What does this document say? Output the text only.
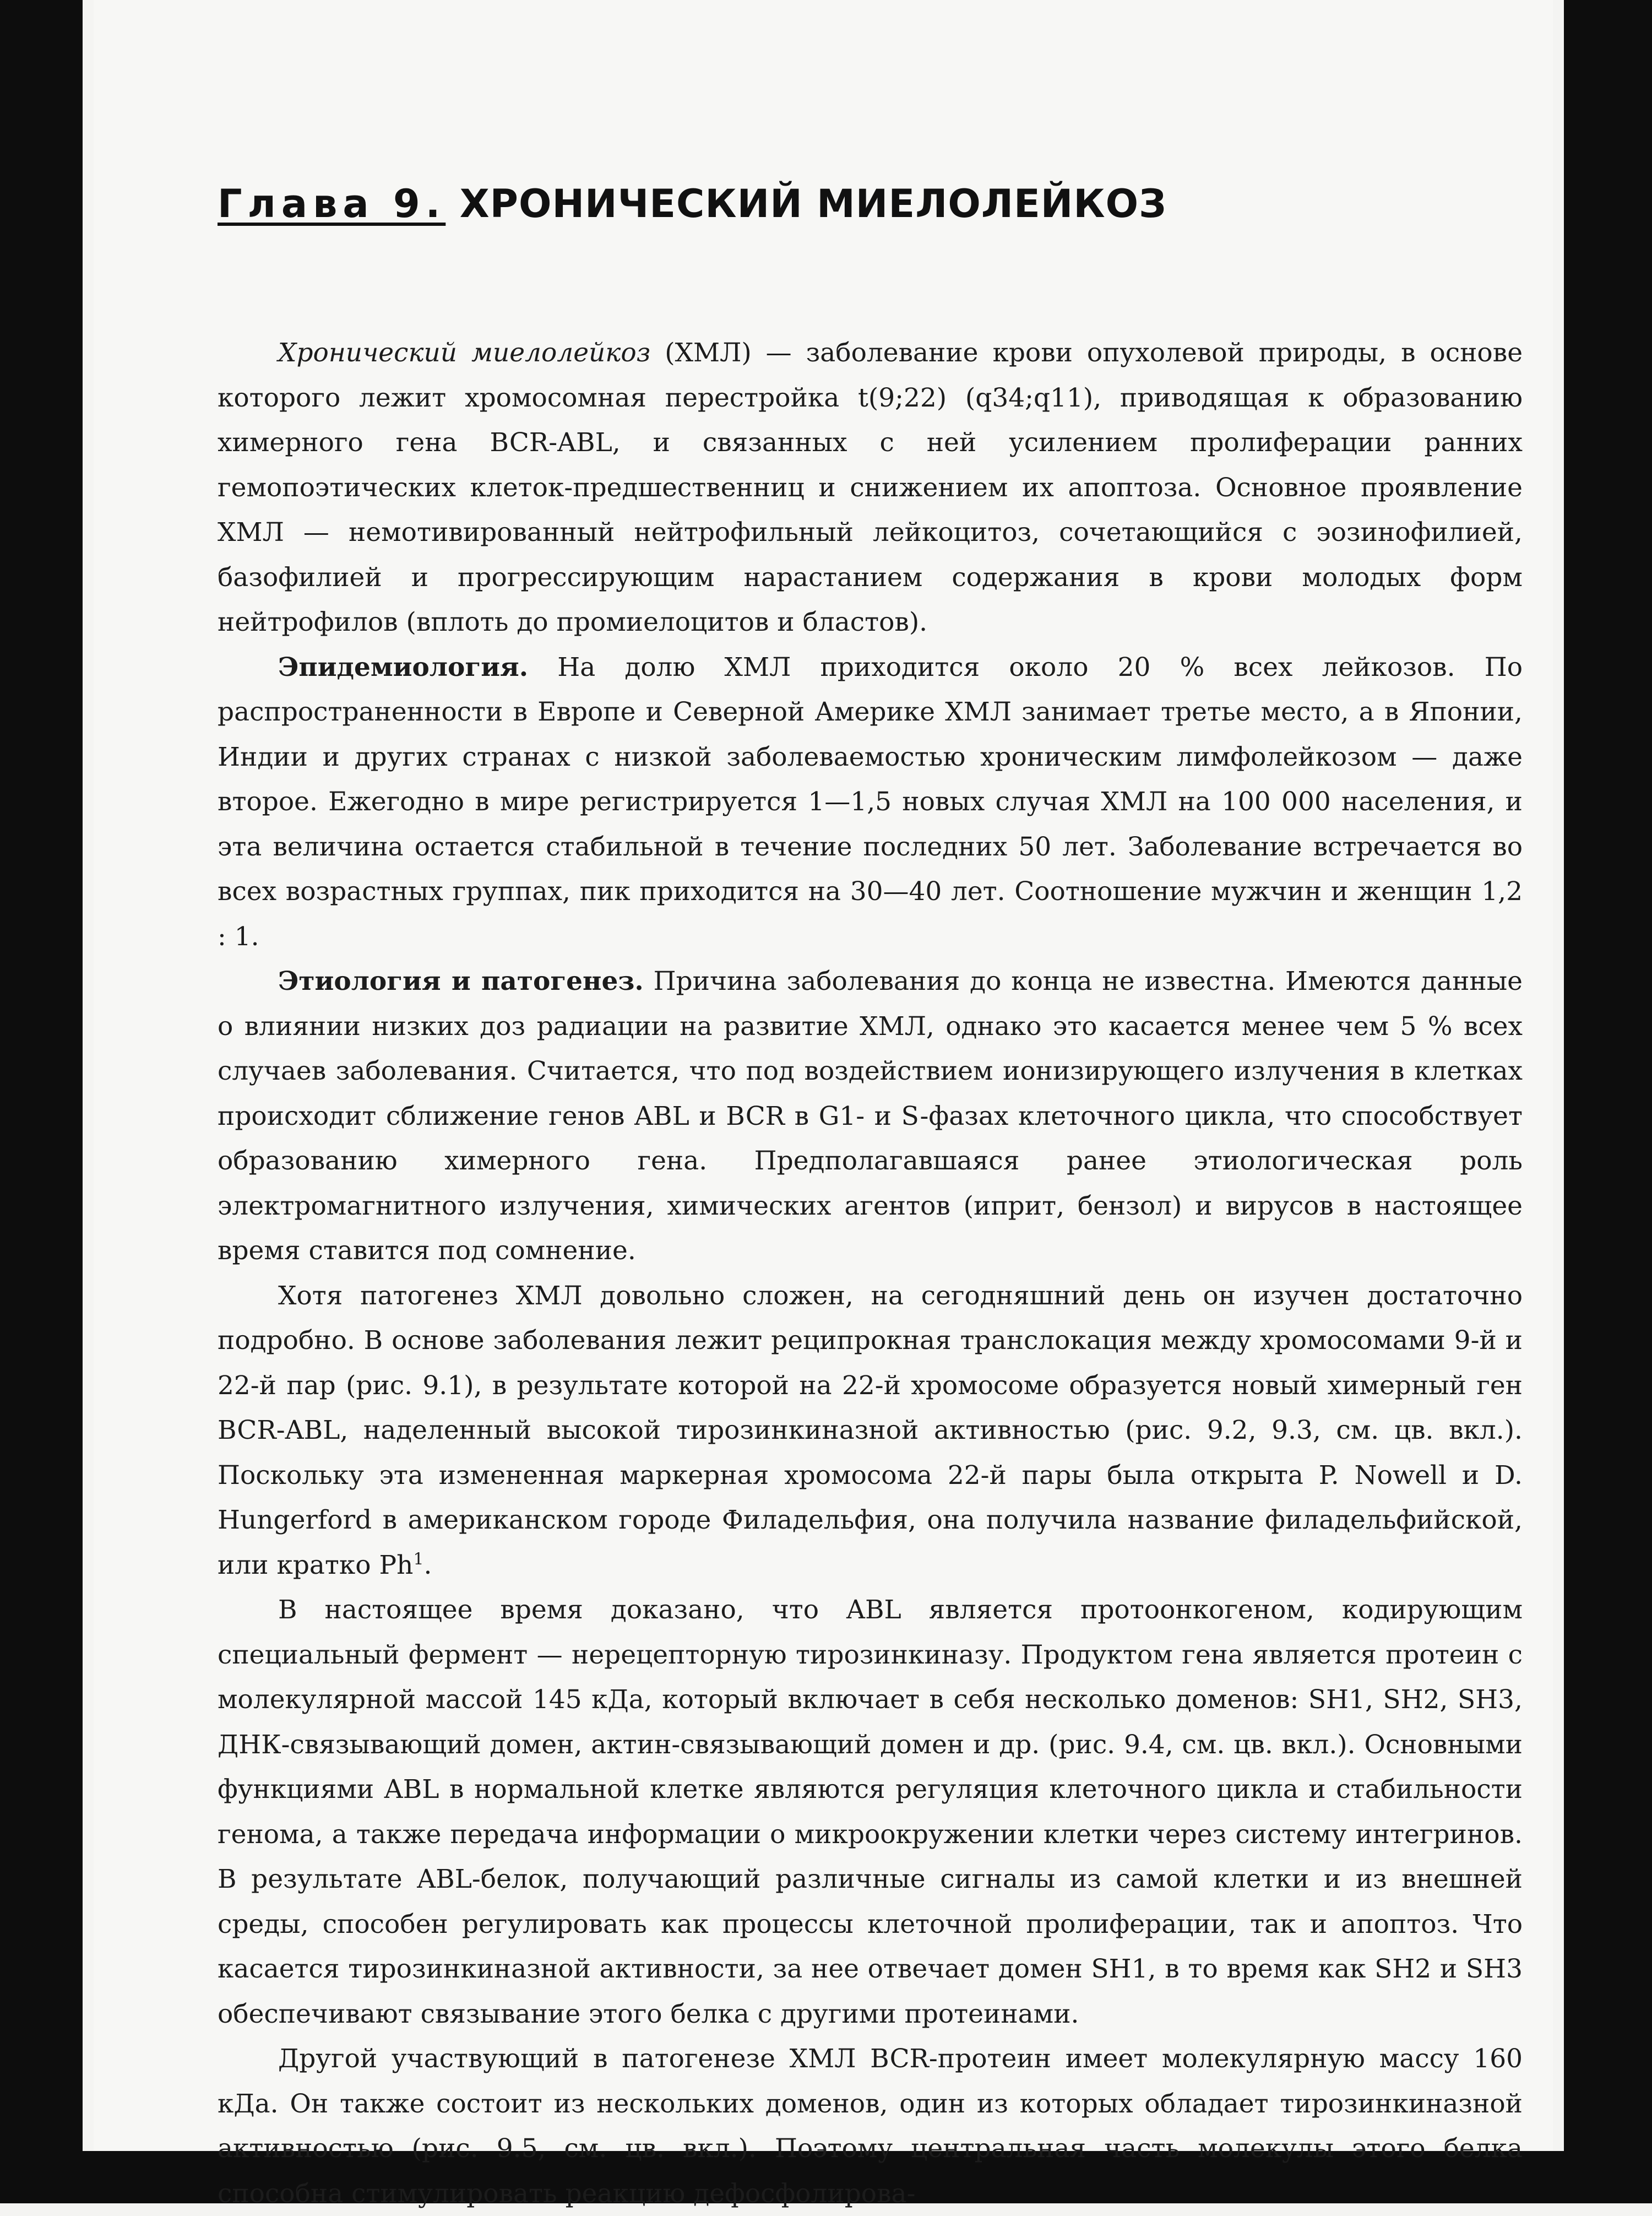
Глава 9. ХРОНИЧЕСКИЙ МИЕЛОЛЕЙКОЗ

Хронический миелолейкоз (ХМЛ) — заболевание крови опухолевой природы, в основе которого лежит хромосомная перестройка t(9;22) (q34;q11), приводящая к образованию химерного гена BCR-ABL, и связанных с ней усилением пролиферации ранних гемопоэтических клеток-предшественниц и снижением их апоптоза. Основное проявление ХМЛ — немотивированный нейтрофильный лейкоцитоз, сочетающийся с эозинофилией, базофилией и прогрессирующим нарастанием содержания в крови молодых форм нейтрофилов (вплоть до промиелоцитов и бластов).

Эпидемиология. На долю ХМЛ приходится около 20 % всех лейкозов. По распространенности в Европе и Северной Америке ХМЛ занимает третье место, а в Японии, Индии и других странах с низкой заболеваемостью хроническим лимфолейкозом — даже второе. Ежегодно в мире регистрируется 1—1,5 новых случая ХМЛ на 100 000 населения, и эта величина остается стабильной в течение последних 50 лет. Заболевание встречается во всех возрастных группах, пик приходится на 30—40 лет. Соотношение мужчин и женщин 1,2 : 1.

Этиология и патогенез. Причина заболевания до конца не известна. Имеются данные о влиянии низких доз радиации на развитие ХМЛ, однако это касается менее чем 5 % всех случаев заболевания. Считается, что под воздействием ионизирующего излучения в клетках происходит сближение генов ABL и BCR в G1- и S-фазах клеточного цикла, что способствует образованию химерного гена. Предполагавшаяся ранее этиологическая роль электромагнитного излучения, химических агентов (иприт, бензол) и вирусов в настоящее время ставится под сомнение.

Хотя патогенез ХМЛ довольно сложен, на сегодняшний день он изучен достаточно подробно. В основе заболевания лежит реципрокная транслокация между хромосомами 9-й и 22-й пар (рис. 9.1), в результате которой на 22-й хромосоме образуется новый химерный ген BCR-ABL, наделенный высокой тирозинкиназной активностью (рис. 9.2, 9.3, см. цв. вкл.). Поскольку эта измененная маркерная хромосома 22-й пары была открыта P. Nowell и D. Hungerford в американском городе Филадельфия, она получила название филадельфийской, или кратко Ph$^1$.

В настоящее время доказано, что ABL является протоонкогеном, кодирующим специальный фермент — нерецепторную тирозинкиназу. Продуктом гена является протеин с молекулярной массой 145 кДа, который включает в себя несколько доменов: SH1, SH2, SH3, ДНК-связывающий домен, актин-связывающий домен и др. (рис. 9.4, см. цв. вкл.). Основными функциями ABL в нормальной клетке являются регуляция клеточного цикла и стабильности генома, а также передача информации о микроокружении клетки через систему интегринов. В результате ABL-белок, получающий различные сигналы из самой клетки и из внешней среды, способен регулировать как процессы клеточной пролиферации, так и апоптоз. Что касается тирозинкиназной активности, за нее отвечает домен SH1, в то время как SH2 и SH3 обеспечивают связывание этого белка с другими протеинами.

Другой участвующий в патогенезе ХМЛ BCR-протеин имеет молекулярную массу 160 кДа. Он также состоит из нескольких доменов, один из которых обладает тирозинкиназной активностью (рис. 9.5, см. цв. вкл.). Поэтому центральная часть молекулы этого белка способна стимулировать реакцию дефосфолирова-
